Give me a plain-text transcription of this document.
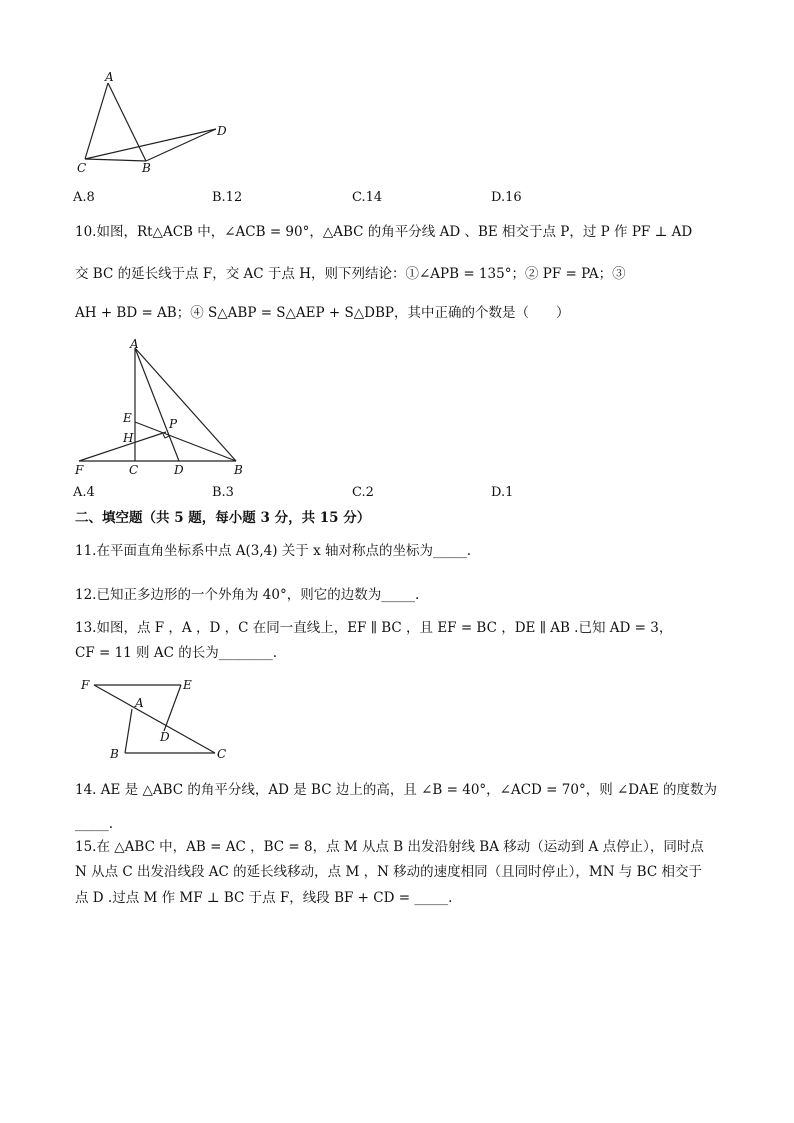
A
D
C	B
A.8	B.12	C.14	D.16
10.如图，Rt△ACB 中，∠ACB = 90°，△ABC 的角平分线 AD 、BE 相交于点 P，过 P 作 PF ⊥ AD
交 BC 的延长线于点 F，交 AC 于点 H，则下列结论：①∠APB = 135°；② PF = PA；③
AH + BD = AB；④ S△ABP = S△AEP + S△DBP，其中正确的个数是（　　）
A
E	P
H
F	C	D	B
A.4	B.3	C.2	D.1
二、填空题（共 5 题，每小题 3 分，共 15 分）
11.在平面直角坐标系中点 A(3,4) 关于 x 轴对称点的坐标为_____.
12.已知正多边形的一个外角为 40°，则它的边数为_____.
13.如图，点 F ，A ，D ，C 在同一直线上，EF ∥ BC ，且 EF = BC ，DE ∥ AB .已知 AD = 3，
CF = 11 则 AC 的长为________.
F	E
A
D
B	C
14. AE 是 △ABC 的角平分线，AD 是 BC 边上的高，且 ∠B = 40°，∠ACD = 70°，则 ∠DAE 的度数为
_____.
15.在 △ABC 中，AB = AC ，BC = 8，点 M 从点 B 出发沿射线 BA 移动（运动到 A 点停止），同时点
N 从点 C 出发沿线段 AC 的延长线移动，点 M ，N 移动的速度相同（且同时停止），MN 与 BC 相交于
点 D .过点 M 作 MF ⊥ BC 于点 F，线段 BF + CD = _____.
